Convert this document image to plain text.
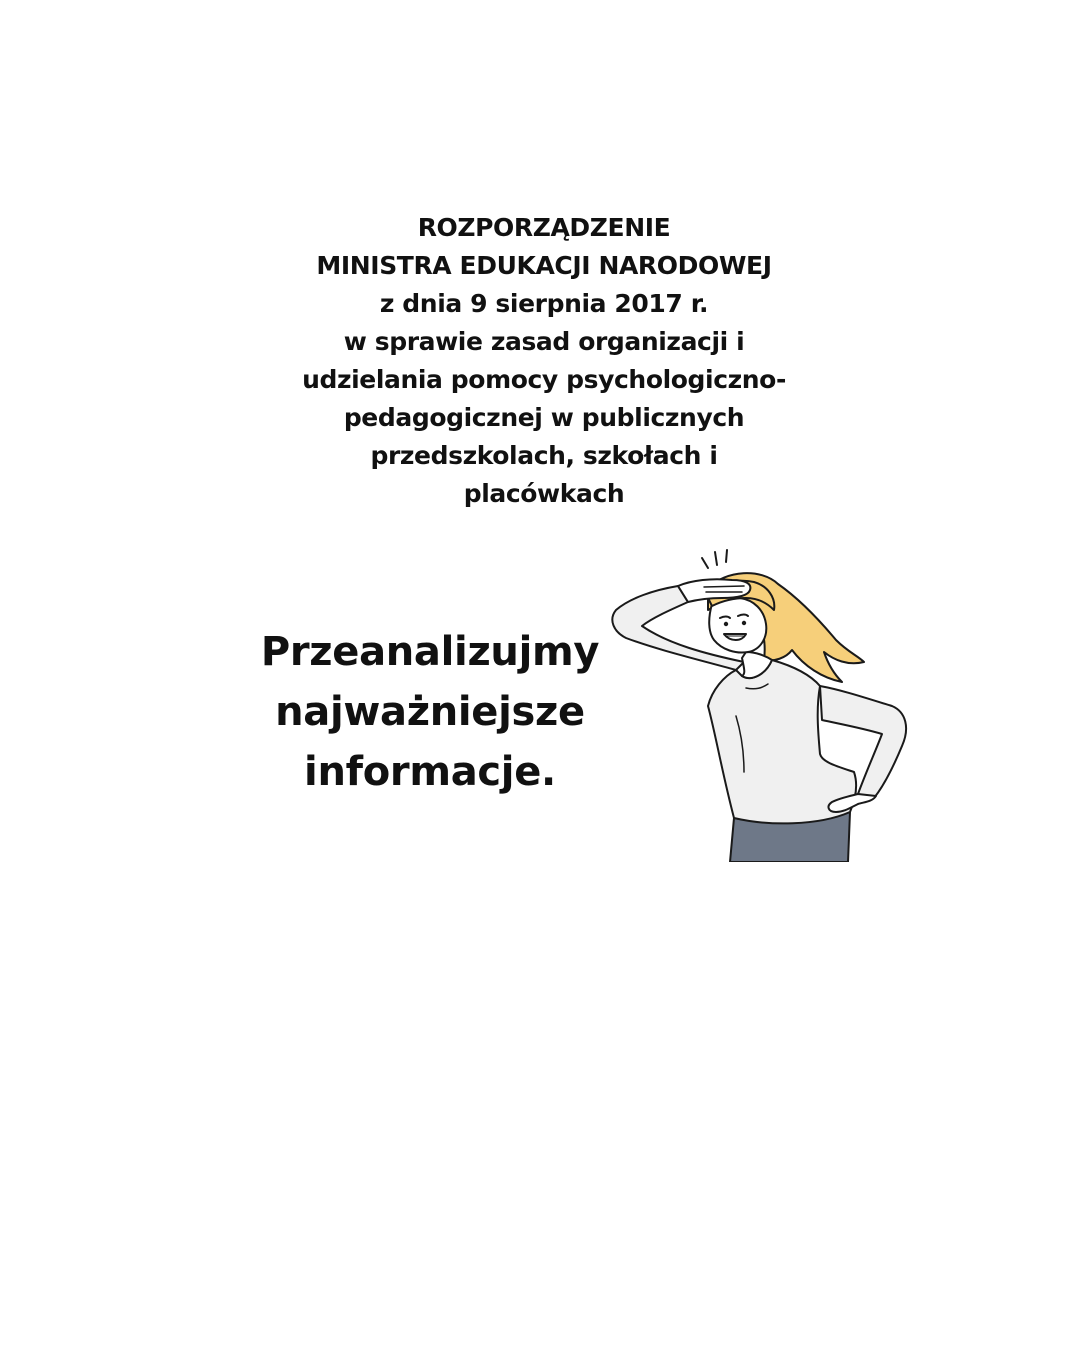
ROZPORZĄDZENIE
MINISTRA EDUKACJI NARODOWEJ
z dnia 9 sierpnia 2017 r.
w sprawie zasad organizacji i
udzielania pomocy psychologiczno-
pedagogicznej w publicznych
przedszkolach, szkołach i
placówkach
Przeanalizujmy
najważniejsze
informacje.
